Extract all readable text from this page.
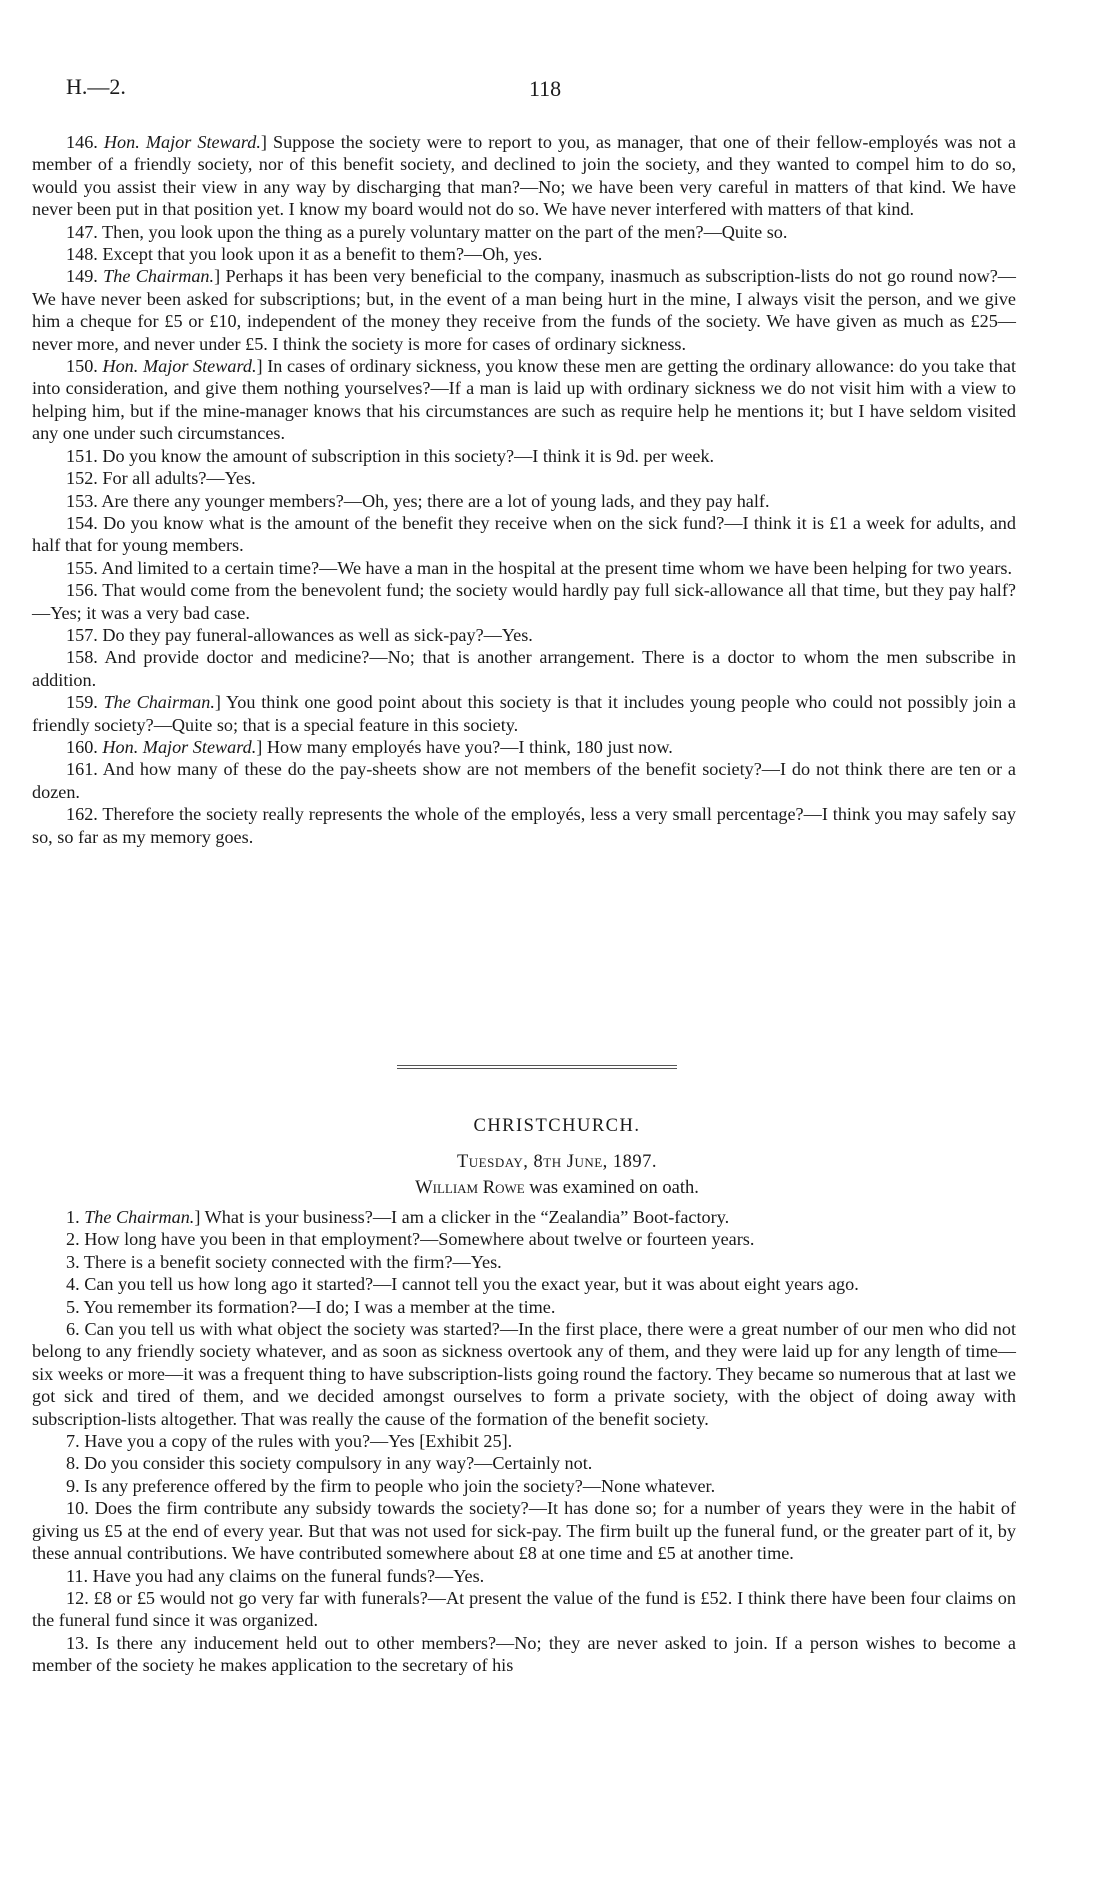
H.—2.	118

146. Hon. Major Steward.] Suppose the society were to report to you, as manager, that one of their fellow-employés was not a member of a friendly society, nor of this benefit society, and declined to join the society, and they wanted to compel him to do so, would you assist their view in any way by discharging that man?—No; we have been very careful in matters of that kind. We have never been put in that position yet. I know my board would not do so. We have never interfered with matters of that kind.

147. Then, you look upon the thing as a purely voluntary matter on the part of the men?—Quite so.

148. Except that you look upon it as a benefit to them?—Oh, yes.

149. The Chairman.] Perhaps it has been very beneficial to the company, inasmuch as subscription-lists do not go round now?—We have never been asked for subscriptions; but, in the event of a man being hurt in the mine, I always visit the person, and we give him a cheque for £5 or £10, independent of the money they receive from the funds of the society. We have given as much as £25—never more, and never under £5. I think the society is more for cases of ordinary sickness.

150. Hon. Major Steward.] In cases of ordinary sickness, you know these men are getting the ordinary allowance: do you take that into consideration, and give them nothing yourselves?—If a man is laid up with ordinary sickness we do not visit him with a view to helping him, but if the mine-manager knows that his circumstances are such as require help he mentions it; but I have seldom visited any one under such circumstances.

151. Do you know the amount of subscription in this society?—I think it is 9d. per week.

152. For all adults?—Yes.

153. Are there any younger members?—Oh, yes; there are a lot of young lads, and they pay half.

154. Do you know what is the amount of the benefit they receive when on the sick fund?—I think it is £1 a week for adults, and half that for young members.

155. And limited to a certain time?—We have a man in the hospital at the present time whom we have been helping for two years.

156. That would come from the benevolent fund; the society would hardly pay full sick-allowance all that time, but they pay half?—Yes; it was a very bad case.

157. Do they pay funeral-allowances as well as sick-pay?—Yes.

158. And provide doctor and medicine?—No; that is another arrangement. There is a doctor to whom the men subscribe in addition.

159. The Chairman.] You think one good point about this society is that it includes young people who could not possibly join a friendly society?—Quite so; that is a special feature in this society.

160. Hon. Major Steward.] How many employés have you?—I think, 180 just now.

161. And how many of these do the pay-sheets show are not members of the benefit society?—I do not think there are ten or a dozen.

162. Therefore the society really represents the whole of the employés, less a very small percentage?—I think you may safely say so, so far as my memory goes.

CHRISTCHURCH.
Tuesday, 8th June, 1897.
William Rowe was examined on oath.

1. The Chairman.] What is your business?—I am a clicker in the “Zealandia” Boot-factory.

2. How long have you been in that employment?—Somewhere about twelve or fourteen years.

3. There is a benefit society connected with the firm?—Yes.

4. Can you tell us how long ago it started?—I cannot tell you the exact year, but it was about eight years ago.

5. You remember its formation?—I do; I was a member at the time.

6. Can you tell us with what object the society was started?—In the first place, there were a great number of our men who did not belong to any friendly society whatever, and as soon as sickness overtook any of them, and they were laid up for any length of time—six weeks or more—it was a frequent thing to have subscription-lists going round the factory. They became so numerous that at last we got sick and tired of them, and we decided amongst ourselves to form a private society, with the object of doing away with subscription-lists altogether. That was really the cause of the formation of the benefit society.

7. Have you a copy of the rules with you?—Yes [Exhibit 25].

8. Do you consider this society compulsory in any way?—Certainly not.

9. Is any preference offered by the firm to people who join the society?—None whatever.

10. Does the firm contribute any subsidy towards the society?—It has done so; for a number of years they were in the habit of giving us £5 at the end of every year. But that was not used for sick-pay. The firm built up the funeral fund, or the greater part of it, by these annual contributions. We have contributed somewhere about £8 at one time and £5 at another time.

11. Have you had any claims on the funeral funds?—Yes.

12. £8 or £5 would not go very far with funerals?—At present the value of the fund is £52. I think there have been four claims on the funeral fund since it was organized.

13. Is there any inducement held out to other members?—No; they are never asked to join. If a person wishes to become a member of the society he makes application to the secretary of his
